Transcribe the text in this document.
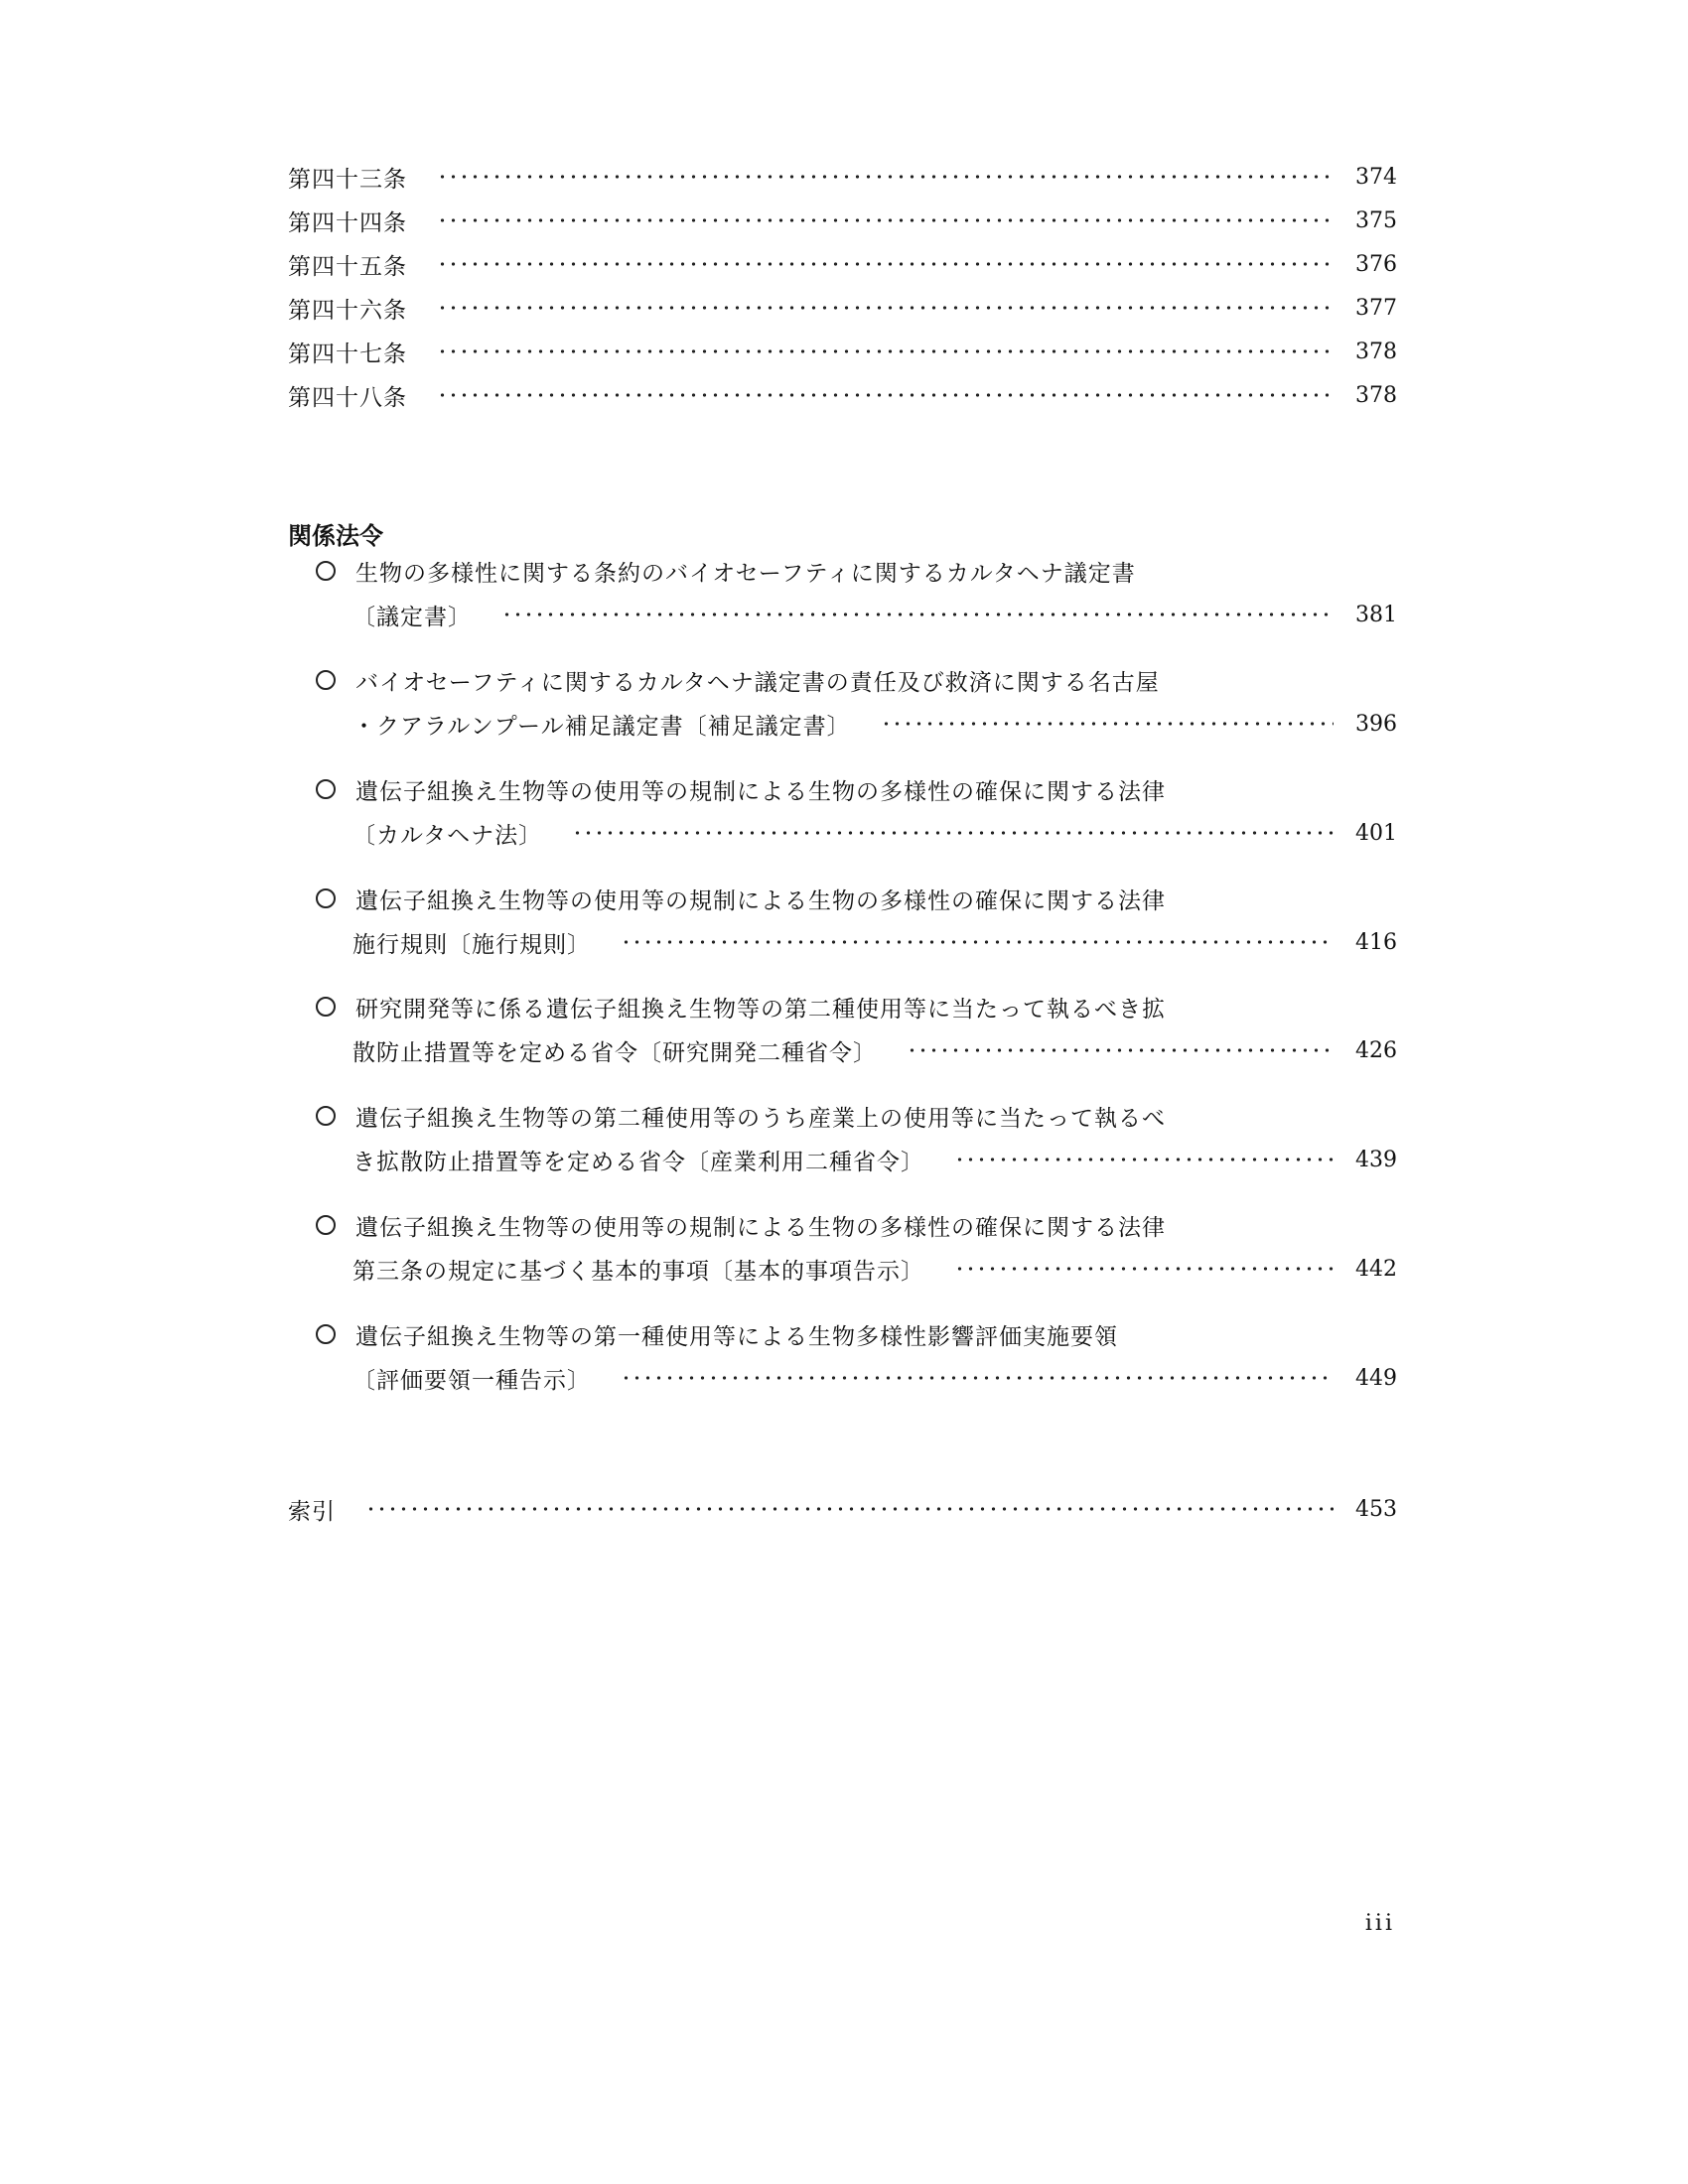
第四十三条	374
第四十四条	375
第四十五条	376
第四十六条	377
第四十七条	378
第四十八条	378
関係法令
生物の多様性に関する条約のバイオセーフティに関するカルタヘナ議定書
〔議定書〕	381
バイオセーフティに関するカルタヘナ議定書の責任及び救済に関する名古屋
・クアラルンプール補足議定書〔補足議定書〕	396
遺伝子組換え生物等の使用等の規制による生物の多様性の確保に関する法律
〔カルタヘナ法〕	401
遺伝子組換え生物等の使用等の規制による生物の多様性の確保に関する法律
施行規則〔施行規則〕	416
研究開発等に係る遺伝子組換え生物等の第二種使用等に当たって執るべき拡
散防止措置等を定める省令〔研究開発二種省令〕	426
遺伝子組換え生物等の第二種使用等のうち産業上の使用等に当たって執るべ
き拡散防止措置等を定める省令〔産業利用二種省令〕	439
遺伝子組換え生物等の使用等の規制による生物の多様性の確保に関する法律
第三条の規定に基づく基本的事項〔基本的事項告示〕	442
遺伝子組換え生物等の第一種使用等による生物多様性影響評価実施要領
〔評価要領一種告示〕	449
索引	453
iii
